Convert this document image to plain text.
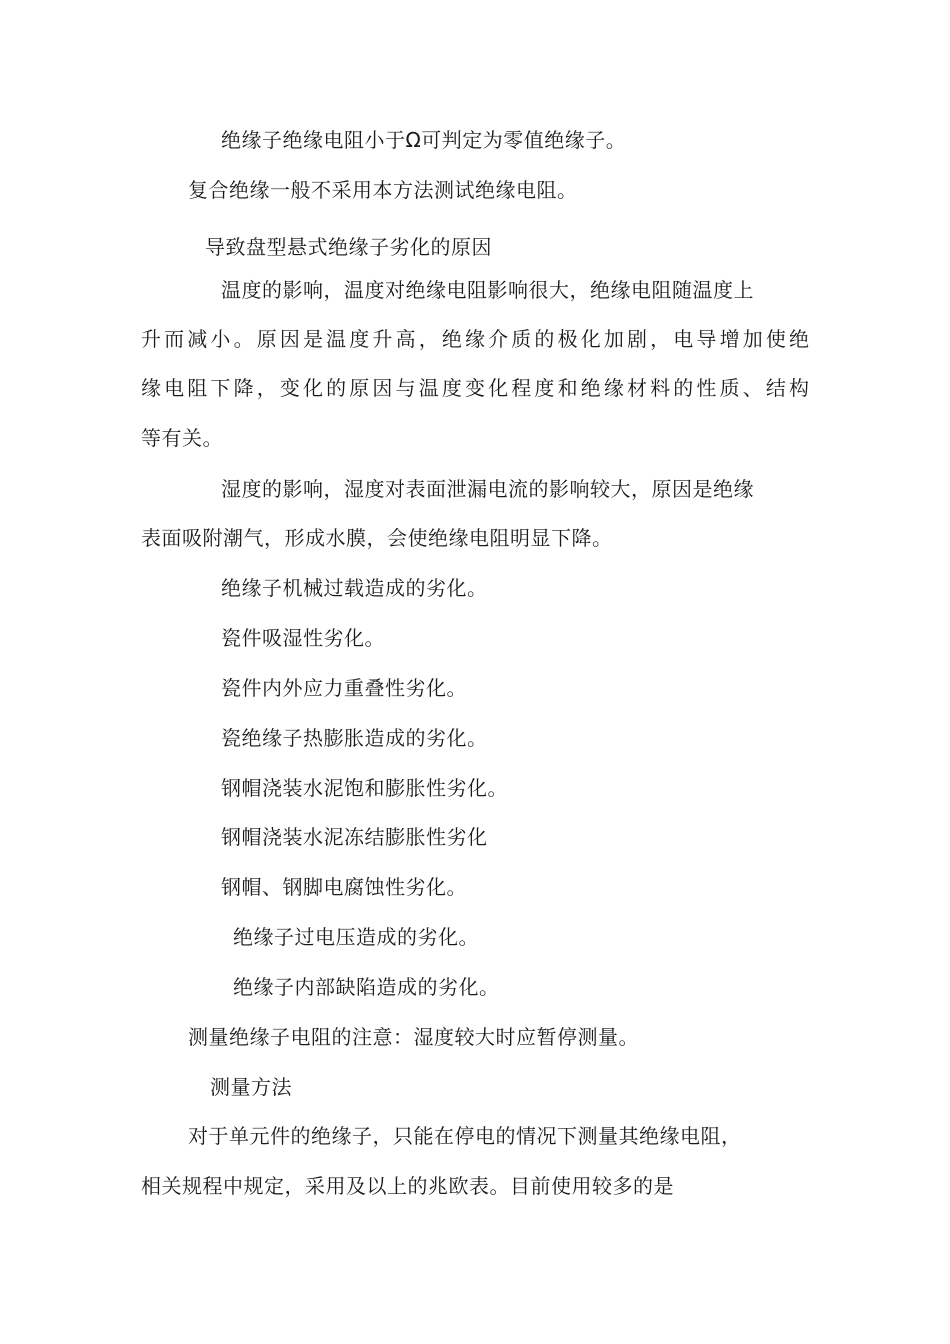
绝缘子绝缘电阻小于Ω可判定为零值绝缘子。
复合绝缘一般不采用本方法测试绝缘电阻。
导致盘型悬式绝缘子劣化的原因
温度的影响，温度对绝缘电阻影响很大，绝缘电阻随温度上
升而减小。原因是温度升高，绝缘介质的极化加剧，电导增加使绝
缘电阻下降，变化的原因与温度变化程度和绝缘材料的性质、结构
等有关。
湿度的影响，湿度对表面泄漏电流的影响较大，原因是绝缘
表面吸附潮气，形成水膜，会使绝缘电阻明显下降。
绝缘子机械过载造成的劣化。
瓷件吸湿性劣化。
瓷件内外应力重叠性劣化。
瓷绝缘子热膨胀造成的劣化。
钢帽浇装水泥饱和膨胀性劣化。
钢帽浇装水泥冻结膨胀性劣化
钢帽、钢脚电腐蚀性劣化。
绝缘子过电压造成的劣化。
绝缘子内部缺陷造成的劣化。
测量绝缘子电阻的注意：湿度较大时应暂停测量。
测量方法
对于单元件的绝缘子，只能在停电的情况下测量其绝缘电阻，
相关规程中规定，采用及以上的兆欧表。目前使用较多的是
